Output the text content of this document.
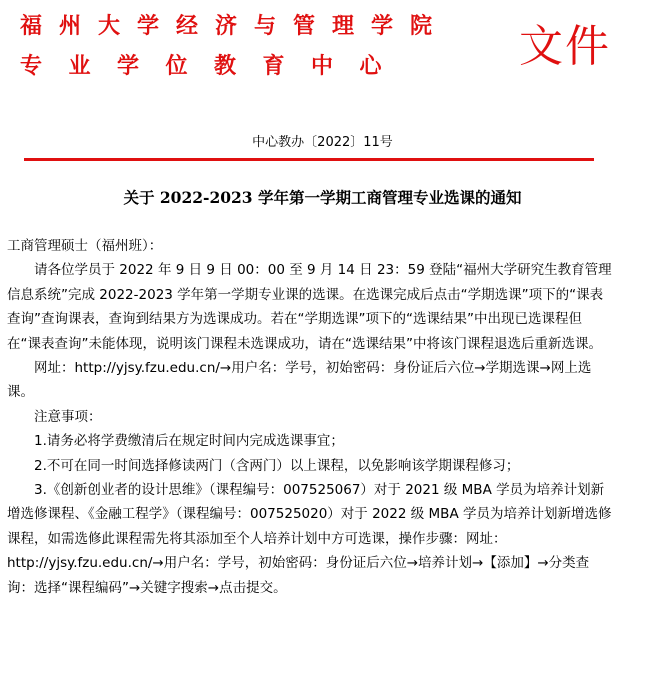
福州大学经济与管理学院
专业学位教育中心	文件
中心教办〔2022〕11号
关于 2022-2023 学年第一学期工商管理专业选课的通知

工商管理硕士（福州班）：

请各位学员于 2022 年 9 日 9 日 00：00 至 9 月 14 日 23：59 登陆“福州大学研究生教育管理信息系统”完成 2022-2023 学年第一学期专业课的选课。在选课完成后点击“学期选课”项下的“课表查询”查询课表，查询到结果方为选课成功。若在“学期选课”项下的“选课结果”中出现已选课程但在“课表查询”未能体现，说明该门课程未选课成功，请在“选课结果”中将该门课程退选后重新选课。

网址：http://yjsy.fzu.edu.cn/→用户名：学号，初始密码：身份证后六位→学期选课→网上选课。

注意事项：

1.请务必将学费缴清后在规定时间内完成选课事宜；

2.不可在同一时间选择修读两门（含两门）以上课程，以免影响该学期课程修习；

3.《创新创业者的设计思维》（课程编号：007525067）对于 2021 级 MBA 学员为培养计划新增选修课程、《金融工程学》（课程编号：007525020）对于 2022 级 MBA 学员为培养计划新增选修课程，如需选修此课程需先将其添加至个人培养计划中方可选课，操作步骤：网址：http://yjsy.fzu.edu.cn/→用户名：学号，初始密码：身份证后六位→培养计划→【添加】→分类查询：选择“课程编码”→关键字搜索→点击提交。
